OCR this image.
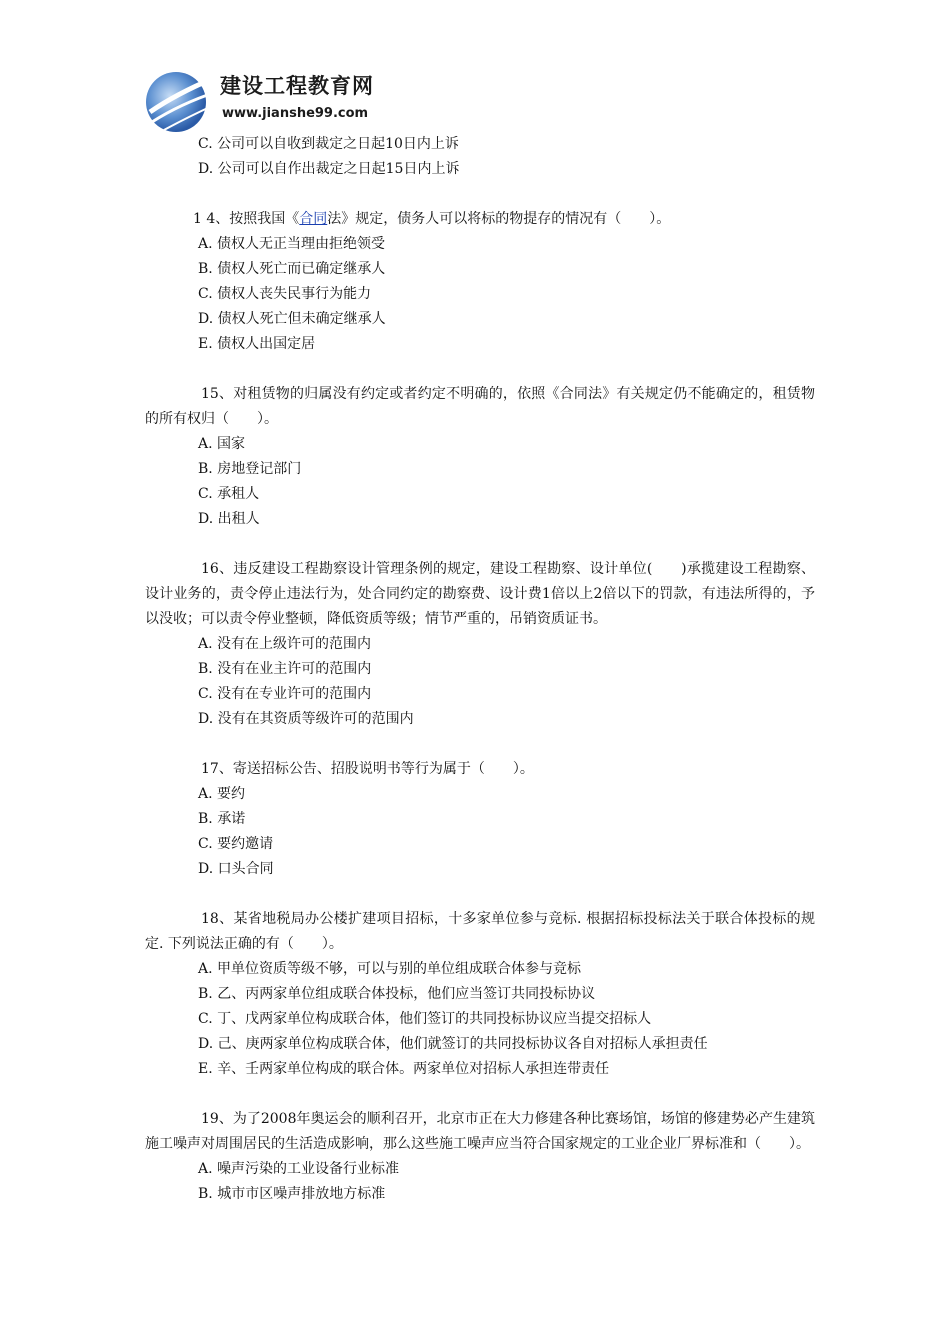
建设工程教育网
www.jianshe99.com

C. 公司可以自收到裁定之日起10日内上诉

D. 公司可以自作出裁定之日起15日内上诉

1 4、按照我国《合同法》规定，债务人可以将标的物提存的情况有（　　）。

A. 债权人无正当理由拒绝领受

B. 债权人死亡而已确定继承人

C. 债权人丧失民事行为能力

D. 债权人死亡但未确定继承人

E. 债权人出国定居

15、对租赁物的归属没有约定或者约定不明确的，依照《合同法》有关规定仍不能确定的，租赁物的所有权归（　　）。

A. 国家

B. 房地登记部门

C. 承租人

D. 出租人

16、违反建设工程勘察设计管理条例的规定，建设工程勘察、设计单位(　　)承揽建设工程勘察、设计业务的，责令停止违法行为，处合同约定的勘察费、设计费1倍以上2倍以下的罚款，有违法所得的，予以没收；可以责令停业整顿，降低资质等级；情节严重的，吊销资质证书。

A. 没有在上级许可的范围内

B. 没有在业主许可的范围内

C. 没有在专业许可的范围内

D. 没有在其资质等级许可的范围内

17、寄送招标公告、招股说明书等行为属于（　　）。

A. 要约

B. 承诺

C. 要约邀请

D. 口头合同

18、某省地税局办公楼扩建项目招标，十多家单位参与竞标. 根据招标投标法关于联合体投标的规定. 下列说法正确的有（　　）。

A. 甲单位资质等级不够，可以与别的单位组成联合体参与竞标

B. 乙、丙两家单位组成联合体投标，他们应当签订共同投标协议

C. 丁、戊两家单位构成联合体，他们签订的共同投标协议应当提交招标人

D. 己、庚两家单位构成联合体，他们就签订的共同投标协议各自对招标人承担责任

E. 辛、壬两家单位构成的联合体。两家单位对招标人承担连带责任

19、为了2008年奥运会的顺利召开，北京市正在大力修建各种比赛场馆，场馆的修建势必产生建筑施工噪声对周围居民的生活造成影响，那么这些施工噪声应当符合国家规定的工业企业厂界标准和（　　）。

A. 噪声污染的工业设备行业标准

B. 城市市区噪声排放地方标准
